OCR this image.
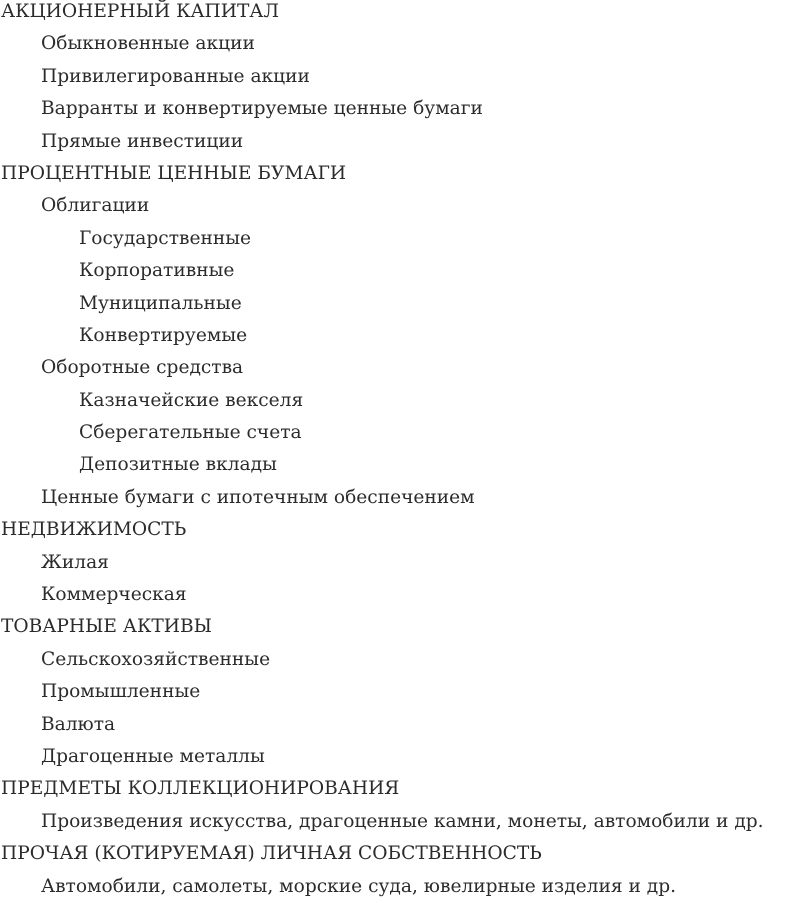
АКЦИОНЕРНЫЙ КАПИТАЛ
Обыкновенные акции
Привилегированные акции
Варранты и конвертируемые ценные бумаги
Прямые инвестиции
ПРОЦЕНТНЫЕ ЦЕННЫЕ БУМАГИ
Облигации
Государственные
Корпоративные
Муниципальные
Конвертируемые
Оборотные средства
Казначейские векселя
Сберегательные счета
Депозитные вклады
Ценные бумаги с ипотечным обеспечением
НЕДВИЖИМОСТЬ
Жилая
Коммерческая
ТОВАРНЫЕ АКТИВЫ
Сельскохозяйственные
Промышленные
Валюта
Драгоценные металлы
ПРЕДМЕТЫ КОЛЛЕКЦИОНИРОВАНИЯ
Произведения искусства, драгоценные камни, монеты, автомобили и др.
ПРОЧАЯ (КОТИРУЕМАЯ) ЛИЧНАЯ СОБСТВЕННОСТЬ
Автомобили, самолеты, морские суда, ювелирные изделия и др.
